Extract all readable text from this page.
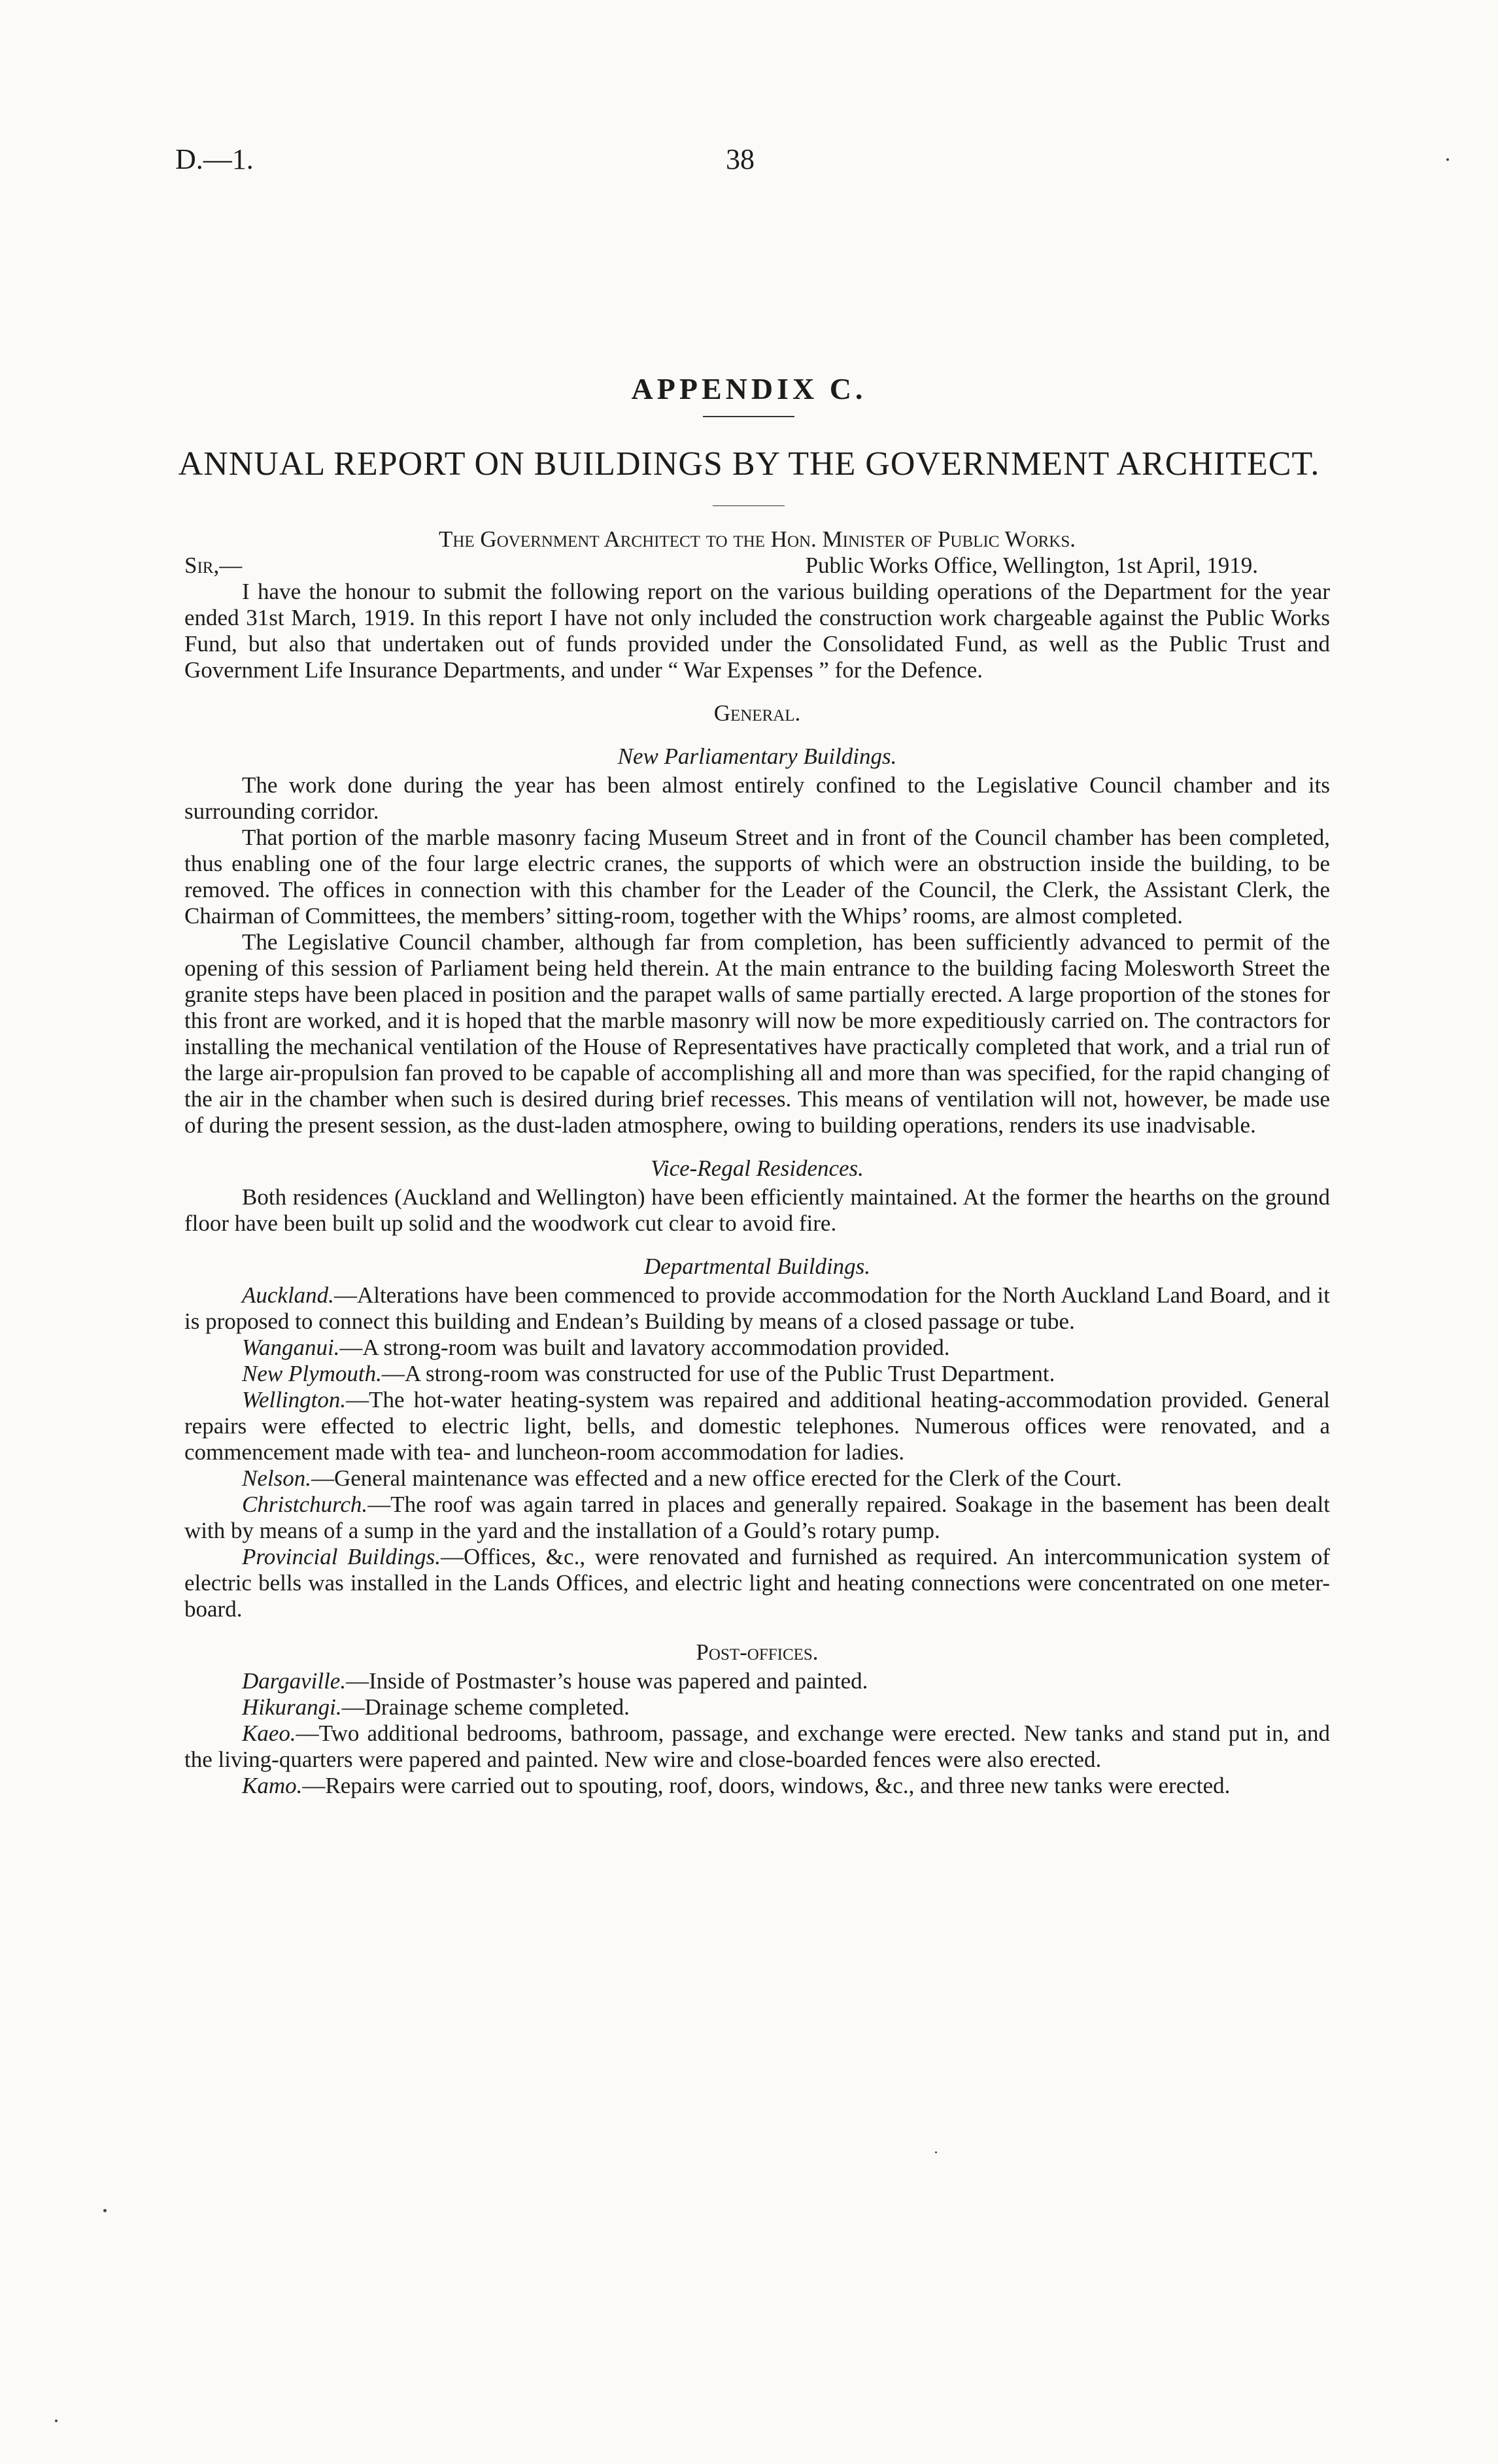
D.—1.	38
APPENDIX C.
ANNUAL REPORT ON BUILDINGS BY THE GOVERNMENT ARCHITECT.

The Government Architect to the Hon. Minister of Public Works.

Sir,—	Public Works Office, Wellington, 1st April, 1919.

I have the honour to submit the following report on the various building operations of the Department for the year ended 31st March, 1919. In this report I have not only included the construction work chargeable against the Public Works Fund, but also that undertaken out of funds provided under the Consolidated Fund, as well as the Public Trust and Government Life Insurance Departments, and under “ War Expenses ” for the Defence.

General.

New Parliamentary Buildings.

The work done during the year has been almost entirely confined to the Legislative Council chamber and its surrounding corridor.

That portion of the marble masonry facing Museum Street and in front of the Council chamber has been completed, thus enabling one of the four large electric cranes, the supports of which were an obstruction inside the building, to be removed. The offices in connection with this chamber for the Leader of the Council, the Clerk, the Assistant Clerk, the Chairman of Committees, the members’ sitting-room, together with the Whips’ rooms, are almost completed.

The Legislative Council chamber, although far from completion, has been sufficiently advanced to permit of the opening of this session of Parliament being held therein. At the main entrance to the building facing Molesworth Street the granite steps have been placed in position and the parapet walls of same partially erected. A large proportion of the stones for this front are worked, and it is hoped that the marble masonry will now be more expeditiously carried on. The contractors for installing the mechanical ventilation of the House of Representatives have practically completed that work, and a trial run of the large air-propulsion fan proved to be capable of accomplishing all and more than was specified, for the rapid changing of the air in the chamber when such is desired during brief recesses. This means of ventilation will not, however, be made use of during the present session, as the dust-laden atmosphere, owing to building operations, renders its use inadvisable.

Vice-Regal Residences.

Both residences (Auckland and Wellington) have been efficiently maintained. At the former the hearths on the ground floor have been built up solid and the woodwork cut clear to avoid fire.

Departmental Buildings.

Auckland.—Alterations have been commenced to provide accommodation for the North Auckland Land Board, and it is proposed to connect this building and Endean’s Building by means of a closed passage or tube.

Wanganui.—A strong-room was built and lavatory accommodation provided.

New Plymouth.—A strong-room was constructed for use of the Public Trust Department.

Wellington.—The hot-water heating-system was repaired and additional heating-accommodation provided. General repairs were effected to electric light, bells, and domestic telephones. Numerous offices were renovated, and a commencement made with tea- and luncheon-room accommodation for ladies.

Nelson.—General maintenance was effected and a new office erected for the Clerk of the Court.

Christchurch.—The roof was again tarred in places and generally repaired. Soakage in the basement has been dealt with by means of a sump in the yard and the installation of a Gould’s rotary pump.

Provincial Buildings.—Offices, &c., were renovated and furnished as required. An intercommunication system of electric bells was installed in the Lands Offices, and electric light and heating connections were concentrated on one meter-board.

Post-offices.

Dargaville.—Inside of Postmaster’s house was papered and painted.

Hikurangi.—Drainage scheme completed.

Kaeo.—Two additional bedrooms, bathroom, passage, and exchange were erected. New tanks and stand put in, and the living-quarters were papered and painted. New wire and close-boarded fences were also erected.

Kamo.—Repairs were carried out to spouting, roof, doors, windows, &c., and three new tanks were erected.
